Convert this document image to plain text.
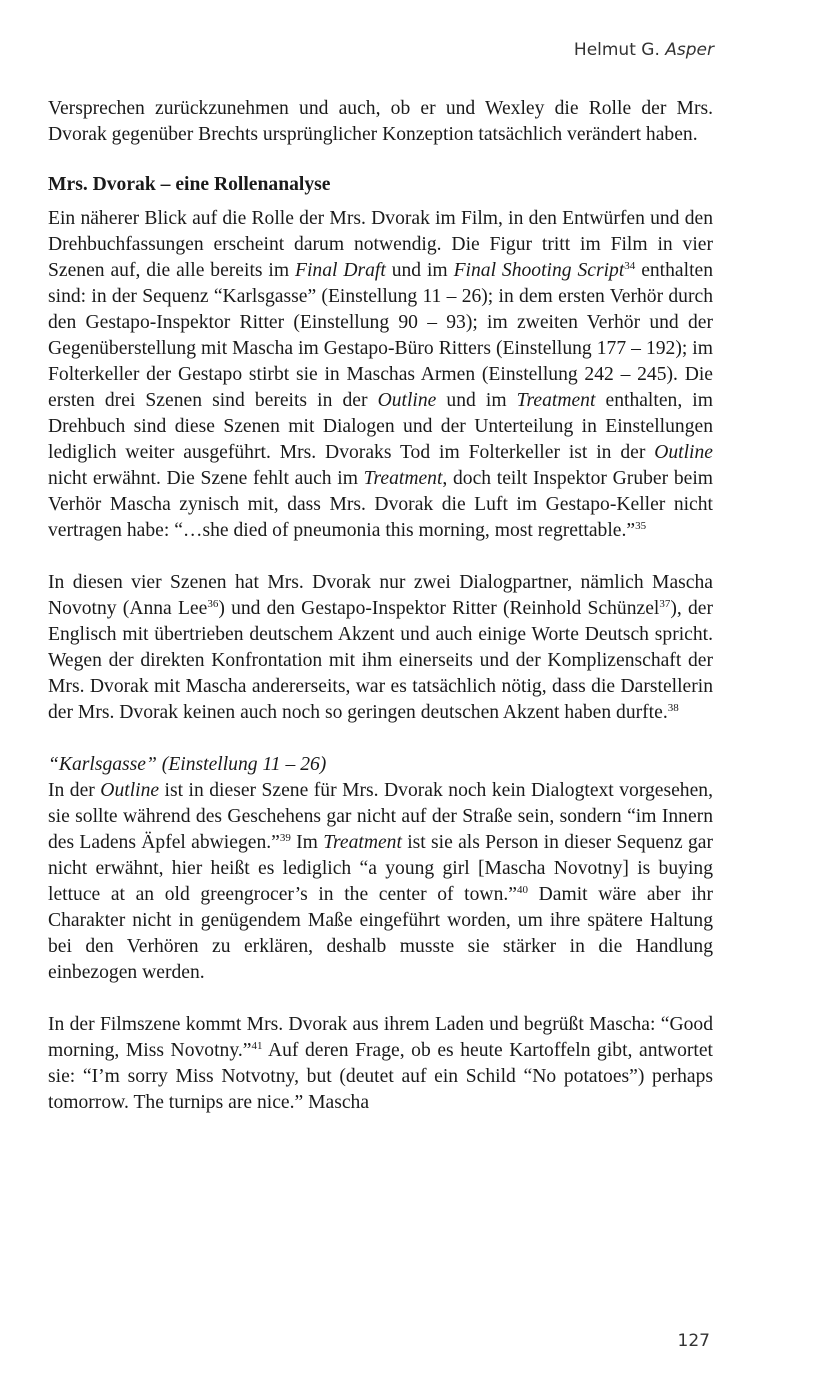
Helmut G. Asper

Versprechen zurückzunehmen und auch, ob er und Wexley die Rolle der Mrs. Dvorak gegenüber Brechts ursprünglicher Konzeption tatsächlich verändert haben.

Mrs. Dvorak – eine Rollenanalyse

Ein näherer Blick auf die Rolle der Mrs. Dvorak im Film, in den Entwürfen und den Drehbuchfassungen erscheint darum notwendig. Die Figur tritt im Film in vier Szenen auf, die alle bereits im Final Draft und im Final Shooting Script$^{34}$ enthalten sind: in der Sequenz “Karlsgasse” (Einstellung 11 – 26); in dem ersten Verhör durch den Gestapo-Inspektor Ritter (Einstellung 90 – 93); im zweiten Verhör und der Gegenüberstellung mit Mascha im Gestapo-Büro Ritters (Einstellung 177 – 192); im Folterkeller der Gestapo stirbt sie in Maschas Armen (Einstellung 242 – 245). Die ersten drei Szenen sind bereits in der Outline und im Treatment enthalten, im Drehbuch sind diese Szenen mit Dialogen und der Unterteilung in Einstellungen lediglich weiter ausgeführt. Mrs. Dvoraks Tod im Folterkeller ist in der Outline nicht erwähnt. Die Szene fehlt auch im Treatment, doch teilt Inspektor Gruber beim Verhör Mascha zynisch mit, dass Mrs. Dvorak die Luft im Gestapo-Keller nicht vertragen habe: “…she died of pneumonia this morning, most regrettable.”$^{35}$

In diesen vier Szenen hat Mrs. Dvorak nur zwei Dialogpartner, nämlich Mascha Novotny (Anna Lee$^{36}$) und den Gestapo-Inspektor Ritter (Reinhold Schünzel$^{37}$), der Englisch mit übertrieben deutschem Akzent und auch einige Worte Deutsch spricht. Wegen der direkten Konfrontation mit ihm einerseits und der Komplizenschaft der Mrs. Dvorak mit Mascha andererseits, war es tatsächlich nötig, dass die Darstellerin der Mrs. Dvorak keinen auch noch so geringen deutschen Akzent haben durfte.$^{38}$

“Karlsgasse” (Einstellung 11 – 26)

In der Outline ist in dieser Szene für Mrs. Dvorak noch kein Dialogtext vorgesehen, sie sollte während des Geschehens gar nicht auf der Straße sein, sondern “im Innern des Ladens Äpfel abwiegen.”$^{39}$ Im Treatment ist sie als Person in dieser Sequenz gar nicht erwähnt, hier heißt es lediglich “a young girl [Mascha Novotny] is buying lettuce at an old greengrocer’s in the center of town.”$^{40}$ Damit wäre aber ihr Charakter nicht in genügendem Maße eingeführt worden, um ihre spätere Haltung bei den Verhören zu erklären, deshalb musste sie stärker in die Handlung einbezogen werden.

In der Filmszene kommt Mrs. Dvorak aus ihrem Laden und begrüßt Mascha: “Good morning, Miss Novotny.”$^{41}$ Auf deren Frage, ob es heute Kartoffeln gibt, antwortet sie: “I’m sorry Miss Notvotny, but (deutet auf ein Schild “No potatoes”) perhaps tomorrow. The turnips are nice.” Mascha

127
